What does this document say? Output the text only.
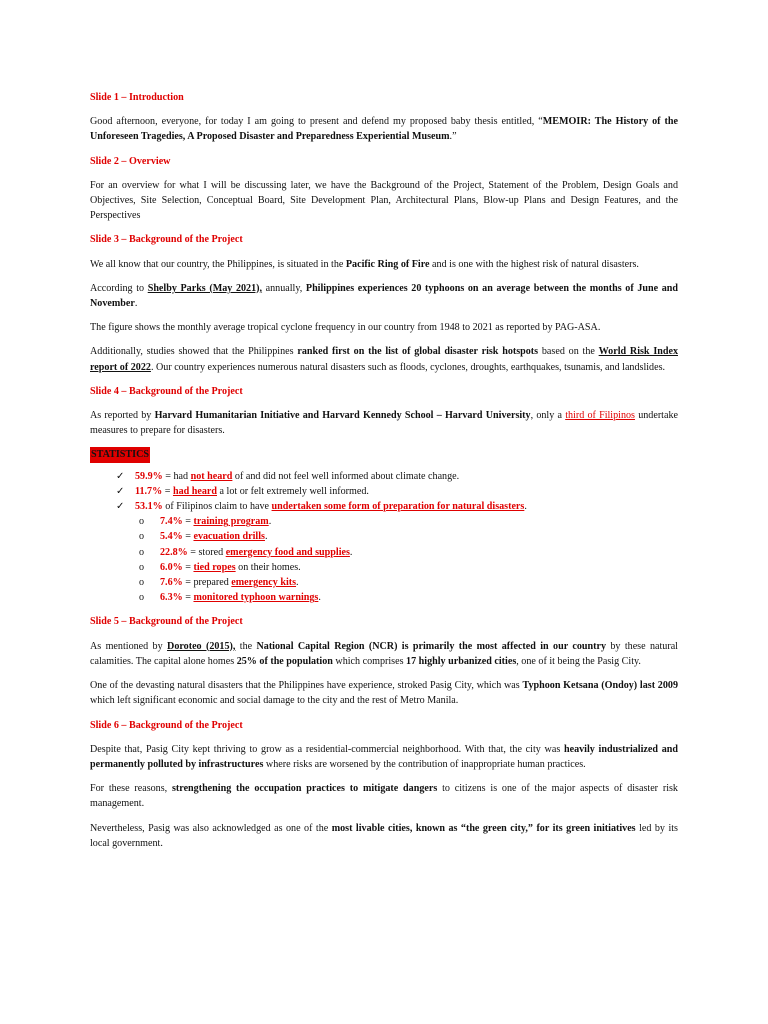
Slide 1 – Introduction

Good afternoon, everyone, for today I am going to present and defend my proposed baby thesis entitled, “MEMOIR: The History of the Unforeseen Tragedies, A Proposed Disaster and Preparedness Experiential Museum.”

Slide 2 – Overview

For an overview for what I will be discussing later, we have the Background of the Project, Statement of the Problem, Design Goals and Objectives, Site Selection, Conceptual Board, Site Development Plan, Architectural Plans, Blow-up Plans and Design Features, and the Perspectives

Slide 3 – Background of the Project

We all know that our country, the Philippines, is situated in the Pacific Ring of Fire and is one with the highest risk of natural disasters.

According to Shelby Parks (May 2021), annually, Philippines experiences 20 typhoons on an average between the months of June and November.

The figure shows the monthly average tropical cyclone frequency in our country from 1948 to 2021 as reported by PAG-ASA.

Additionally, studies showed that the Philippines ranked first on the list of global disaster risk hotspots based on the World Risk Index report of 2022. Our country experiences numerous natural disasters such as floods, cyclones, droughts, earthquakes, tsunamis, and landslides.

Slide 4 – Background of the Project

As reported by Harvard Humanitarian Initiative and Harvard Kennedy School – Harvard University, only a third of Filipinos undertake measures to prepare for disasters.

STATISTICS
✓ 59.9% = had not heard of and did not feel well informed about climate change.
✓ 11.7% = had heard a lot or felt extremely well informed.
✓ 53.1% of Filipinos claim to have undertaken some form of preparation for natural disasters.
o 7.4% = training program.
o 5.4% = evacuation drills.
o 22.8% = stored emergency food and supplies.
o 6.0% = tied ropes on their homes.
o 7.6% = prepared emergency kits.
o 6.3% = monitored typhoon warnings.
Slide 5 – Background of the Project

As mentioned by Doroteo (2015), the National Capital Region (NCR) is primarily the most affected in our country by these natural calamities. The capital alone homes 25% of the population which comprises 17 highly urbanized cities, one of it being the Pasig City.

One of the devasting natural disasters that the Philippines have experience, stroked Pasig City, which was Typhoon Ketsana (Ondoy) last 2009 which left significant economic and social damage to the city and the rest of Metro Manila.

Slide 6 – Background of the Project

Despite that, Pasig City kept thriving to grow as a residential-commercial neighborhood. With that, the city was heavily industrialized and permanently polluted by infrastructures where risks are worsened by the contribution of inappropriate human practices.

For these reasons, strengthening the occupation practices to mitigate dangers to citizens is one of the major aspects of disaster risk management.

Nevertheless, Pasig was also acknowledged as one of the most livable cities, known as “the green city,” for its green initiatives led by its local government.
